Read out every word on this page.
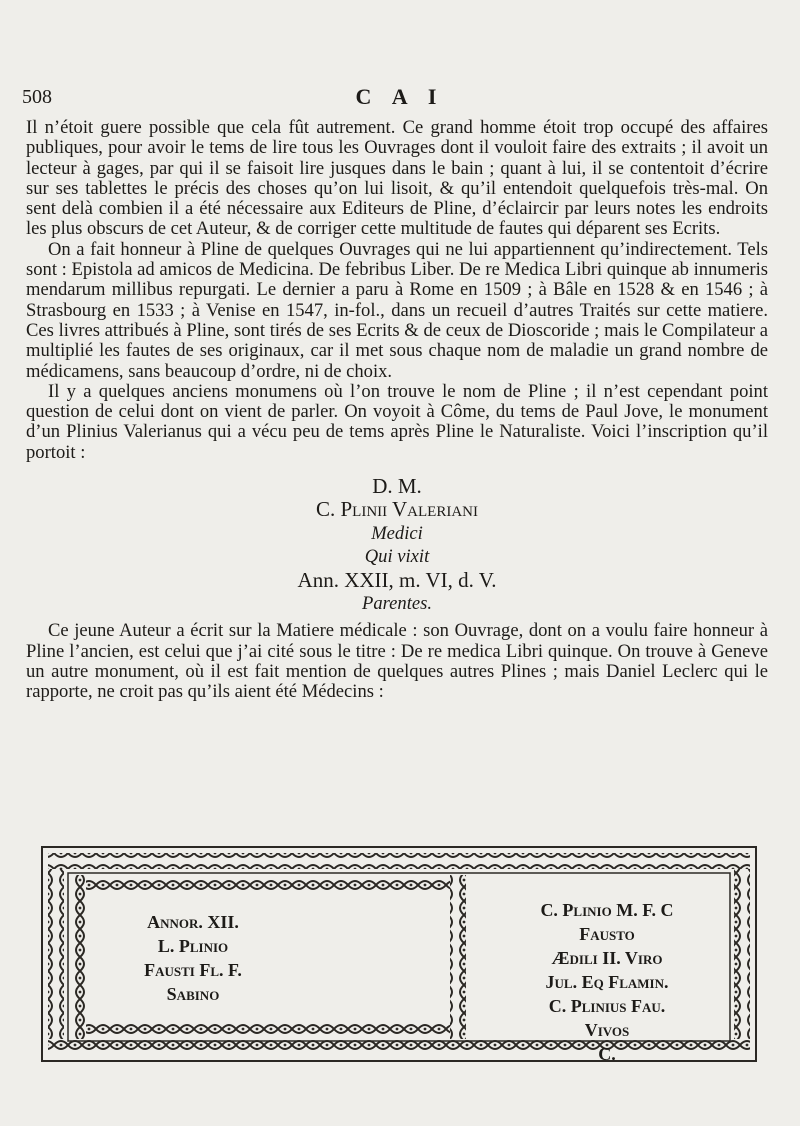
508	C A I

Il n’étoit guere possible que cela fût autrement. Ce grand homme étoit trop occupé des affaires publiques, pour avoir le tems de lire tous les Ouvrages dont il vouloit faire des extraits ; il avoit un lecteur à gages, par qui il se faisoit lire jusques dans le bain ; quant à lui, il se contentoit d’écrire sur ses tablettes le précis des choses qu’on lui lisoit, & qu’il entendoit quelquefois très-mal. On sent delà combien il a été nécessaire aux Editeurs de Pline, d’éclaircir par leurs notes les endroits les plus obscurs de cet Auteur, & de corriger cette multitude de fautes qui déparent ses Ecrits.

On a fait honneur à Pline de quelques Ouvrages qui ne lui appartiennent qu’indirectement. Tels sont : Epistola ad amicos de Medicina. De febribus Liber. De re Medica Libri quinque ab innumeris mendarum millibus repurgati. Le dernier a paru à Rome en 1509 ; à Bâle en 1528 & en 1546 ; à Strasbourg en 1533 ; à Venise en 1547, in-fol., dans un recueil d’autres Traités sur cette matiere. Ces livres attribués à Pline, sont tirés de ses Ecrits & de ceux de Dioscoride ; mais le Compilateur a multiplié les fautes de ses originaux, car il met sous chaque nom de maladie un grand nombre de médicamens, sans beaucoup d’ordre, ni de choix.

Il y a quelques anciens monumens où l’on trouve le nom de Pline ; il n’est cependant point question de celui dont on vient de parler. On voyoit à Côme, du tems de Paul Jove, le monument d’un Plinius Valerianus qui a vécu peu de tems après Pline le Naturaliste. Voici l’inscription qu’il portoit :

D. M.
C. Plinii Valeriani
Medici
Qui vixit
Ann. XXII, m. VI, d. V.
Parentes.

Ce jeune Auteur a écrit sur la Matiere médicale : son Ouvrage, dont on a voulu faire honneur à Pline l’ancien, est celui que j’ai cité sous le titre : De re medica Libri quinque. On trouve à Geneve un autre monument, où il est fait mention de quelques autres Plines ; mais Daniel Leclerc qui le rapporte, ne croit pas qu’ils aient été Médecins :

Annor. XII.
L. Plinio
Fausti Fl. F.
Sabino
C. Plinio M. F. C
Fausto
Ædili II. Viro
Jul. Eq Flamin.
C. Plinius Fau.
Vivos
C.
